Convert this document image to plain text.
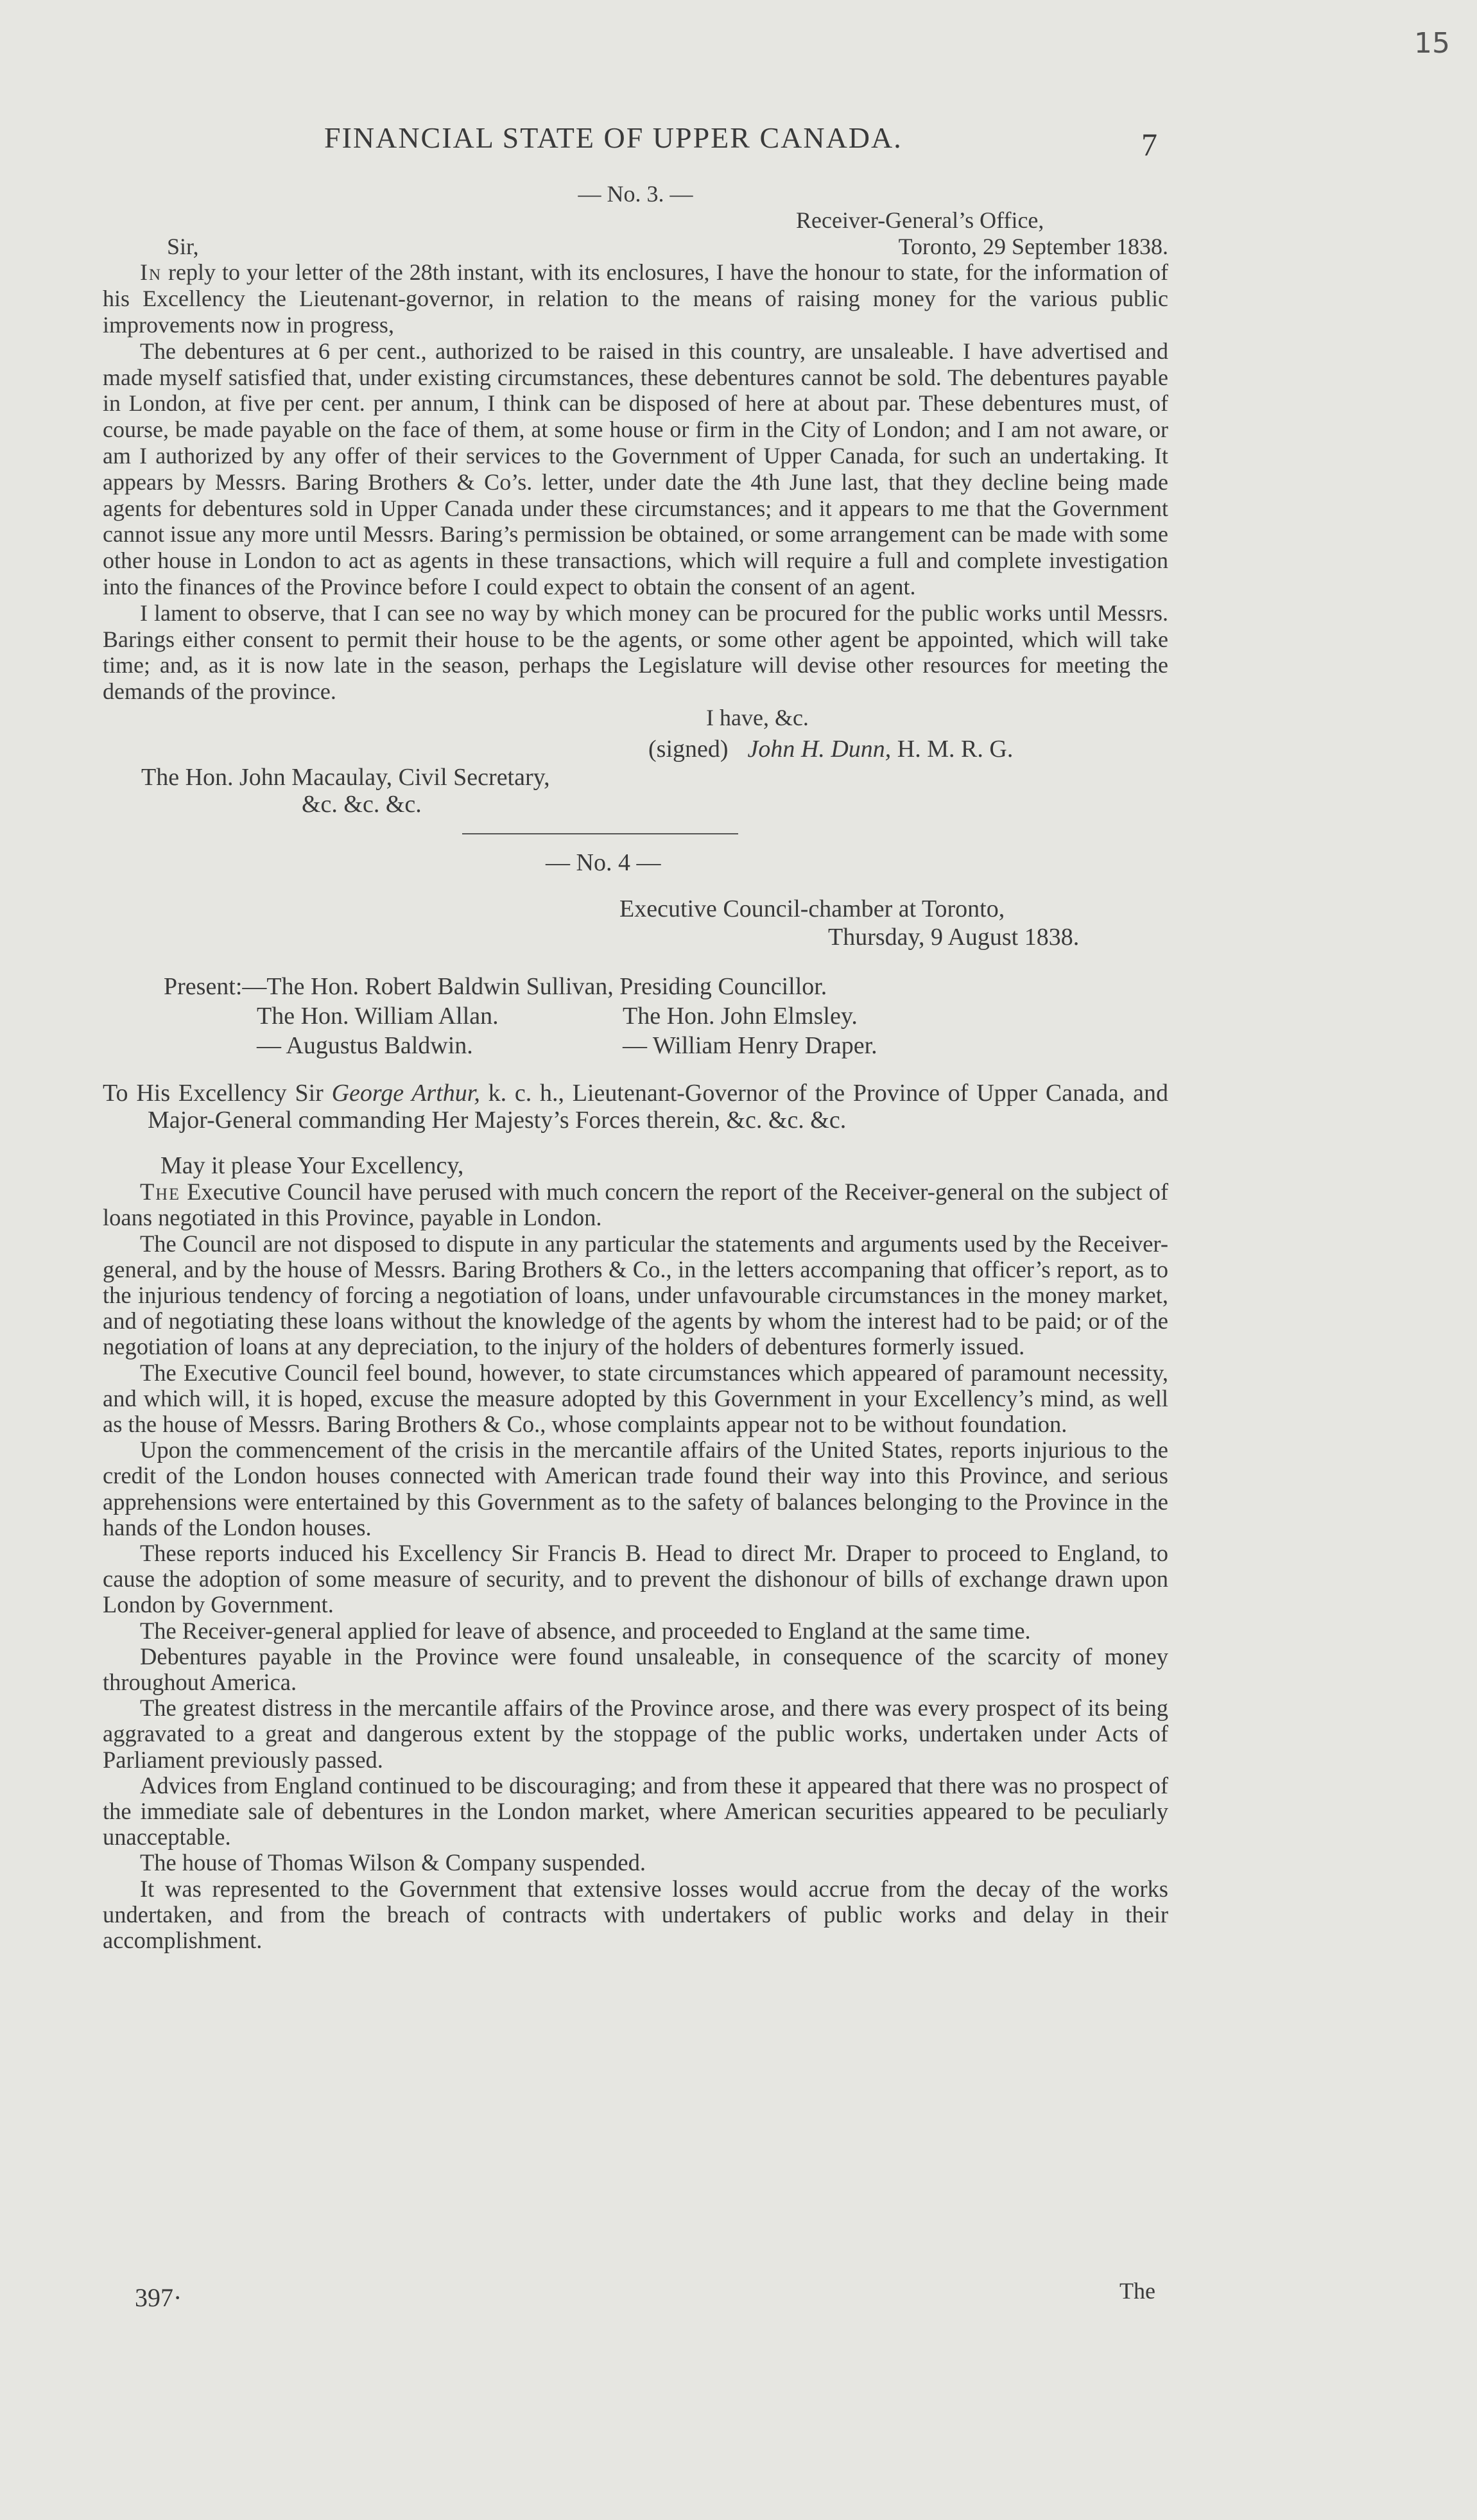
15
FINANCIAL STATE OF UPPER CANADA.	7
— No. 3. —
Receiver-General’s Office,
Sir,	Toronto, 29 September 1838.

In reply to your letter of the 28th instant, with its enclosures, I have the honour to state, for the information of his Excellency the Lieutenant-governor, in relation to the means of raising money for the various public improvements now in progress,

The debentures at 6 per cent., authorized to be raised in this country, are unsaleable. I have advertised and made myself satisfied that, under existing circumstances, these debentures cannot be sold. The debentures payable in London, at five per cent. per annum, I think can be disposed of here at about par. These debentures must, of course, be made payable on the face of them, at some house or firm in the City of London; and I am not aware, or am I authorized by any offer of their services to the Government of Upper Canada, for such an undertaking. It appears by Messrs. Baring Brothers & Co’s. letter, under date the 4th June last, that they decline being made agents for debentures sold in Upper Canada under these circumstances; and it appears to me that the Government cannot issue any more until Messrs. Baring’s permission be obtained, or some arrangement can be made with some other house in London to act as agents in these transactions, which will require a full and complete investigation into the finances of the Province before I could expect to obtain the consent of an agent.

I lament to observe, that I can see no way by which money can be procured for the public works until Messrs. Barings either consent to permit their house to be the agents, or some other agent be appointed, which will take time; and, as it is now late in the season, perhaps the Legislature will devise other resources for meeting the demands of the province.

I have, &c.
(signed) John H. Dunn, H. M. R. G.
The Hon. John Macaulay, Civil Secretary,
&c. &c. &c.
— No. 4 —
Executive Council-chamber at Toronto,
Thursday, 9 August 1838.
Present:—The Hon. Robert Baldwin Sullivan, Presiding Councillor.
The Hon. William Allan.	The Hon. John Elmsley.
— Augustus Baldwin.	— William Henry Draper.
To His Excellency Sir George Arthur, k. c. h., Lieutenant-Governor of the Province of Upper Canada, and Major-General commanding Her Majesty’s Forces therein, &c. &c. &c.
May it please Your Excellency,

The Executive Council have perused with much concern the report of the Receiver-general on the subject of loans negotiated in this Province, payable in London.

The Council are not disposed to dispute in any particular the statements and arguments used by the Receiver-general, and by the house of Messrs. Baring Brothers & Co., in the letters accompaning that officer’s report, as to the injurious tendency of forcing a negotiation of loans, under unfavourable circumstances in the money market, and of negotiating these loans without the knowledge of the agents by whom the interest had to be paid; or of the negotiation of loans at any depreciation, to the injury of the holders of debentures formerly issued.

The Executive Council feel bound, however, to state circumstances which appeared of paramount necessity, and which will, it is hoped, excuse the measure adopted by this Government in your Excellency’s mind, as well as the house of Messrs. Baring Brothers & Co., whose complaints appear not to be without foundation.

Upon the commencement of the crisis in the mercantile affairs of the United States, reports injurious to the credit of the London houses connected with American trade found their way into this Province, and serious apprehensions were entertained by this Government as to the safety of balances belonging to the Province in the hands of the London houses.

These reports induced his Excellency Sir Francis B. Head to direct Mr. Draper to proceed to England, to cause the adoption of some measure of security, and to prevent the dishonour of bills of exchange drawn upon London by Government.

The Receiver-general applied for leave of absence, and proceeded to England at the same time.

Debentures payable in the Province were found unsaleable, in consequence of the scarcity of money throughout America.

The greatest distress in the mercantile affairs of the Province arose, and there was every prospect of its being aggravated to a great and dangerous extent by the stoppage of the public works, undertaken under Acts of Parliament previously passed.

Advices from England continued to be discouraging; and from these it appeared that there was no prospect of the immediate sale of debentures in the London market, where American securities appeared to be peculiarly unacceptable.

The house of Thomas Wilson & Company suspended.

It was represented to the Government that extensive losses would accrue from the decay of the works undertaken, and from the breach of contracts with undertakers of public works and delay in their accomplishment.

397·	The
